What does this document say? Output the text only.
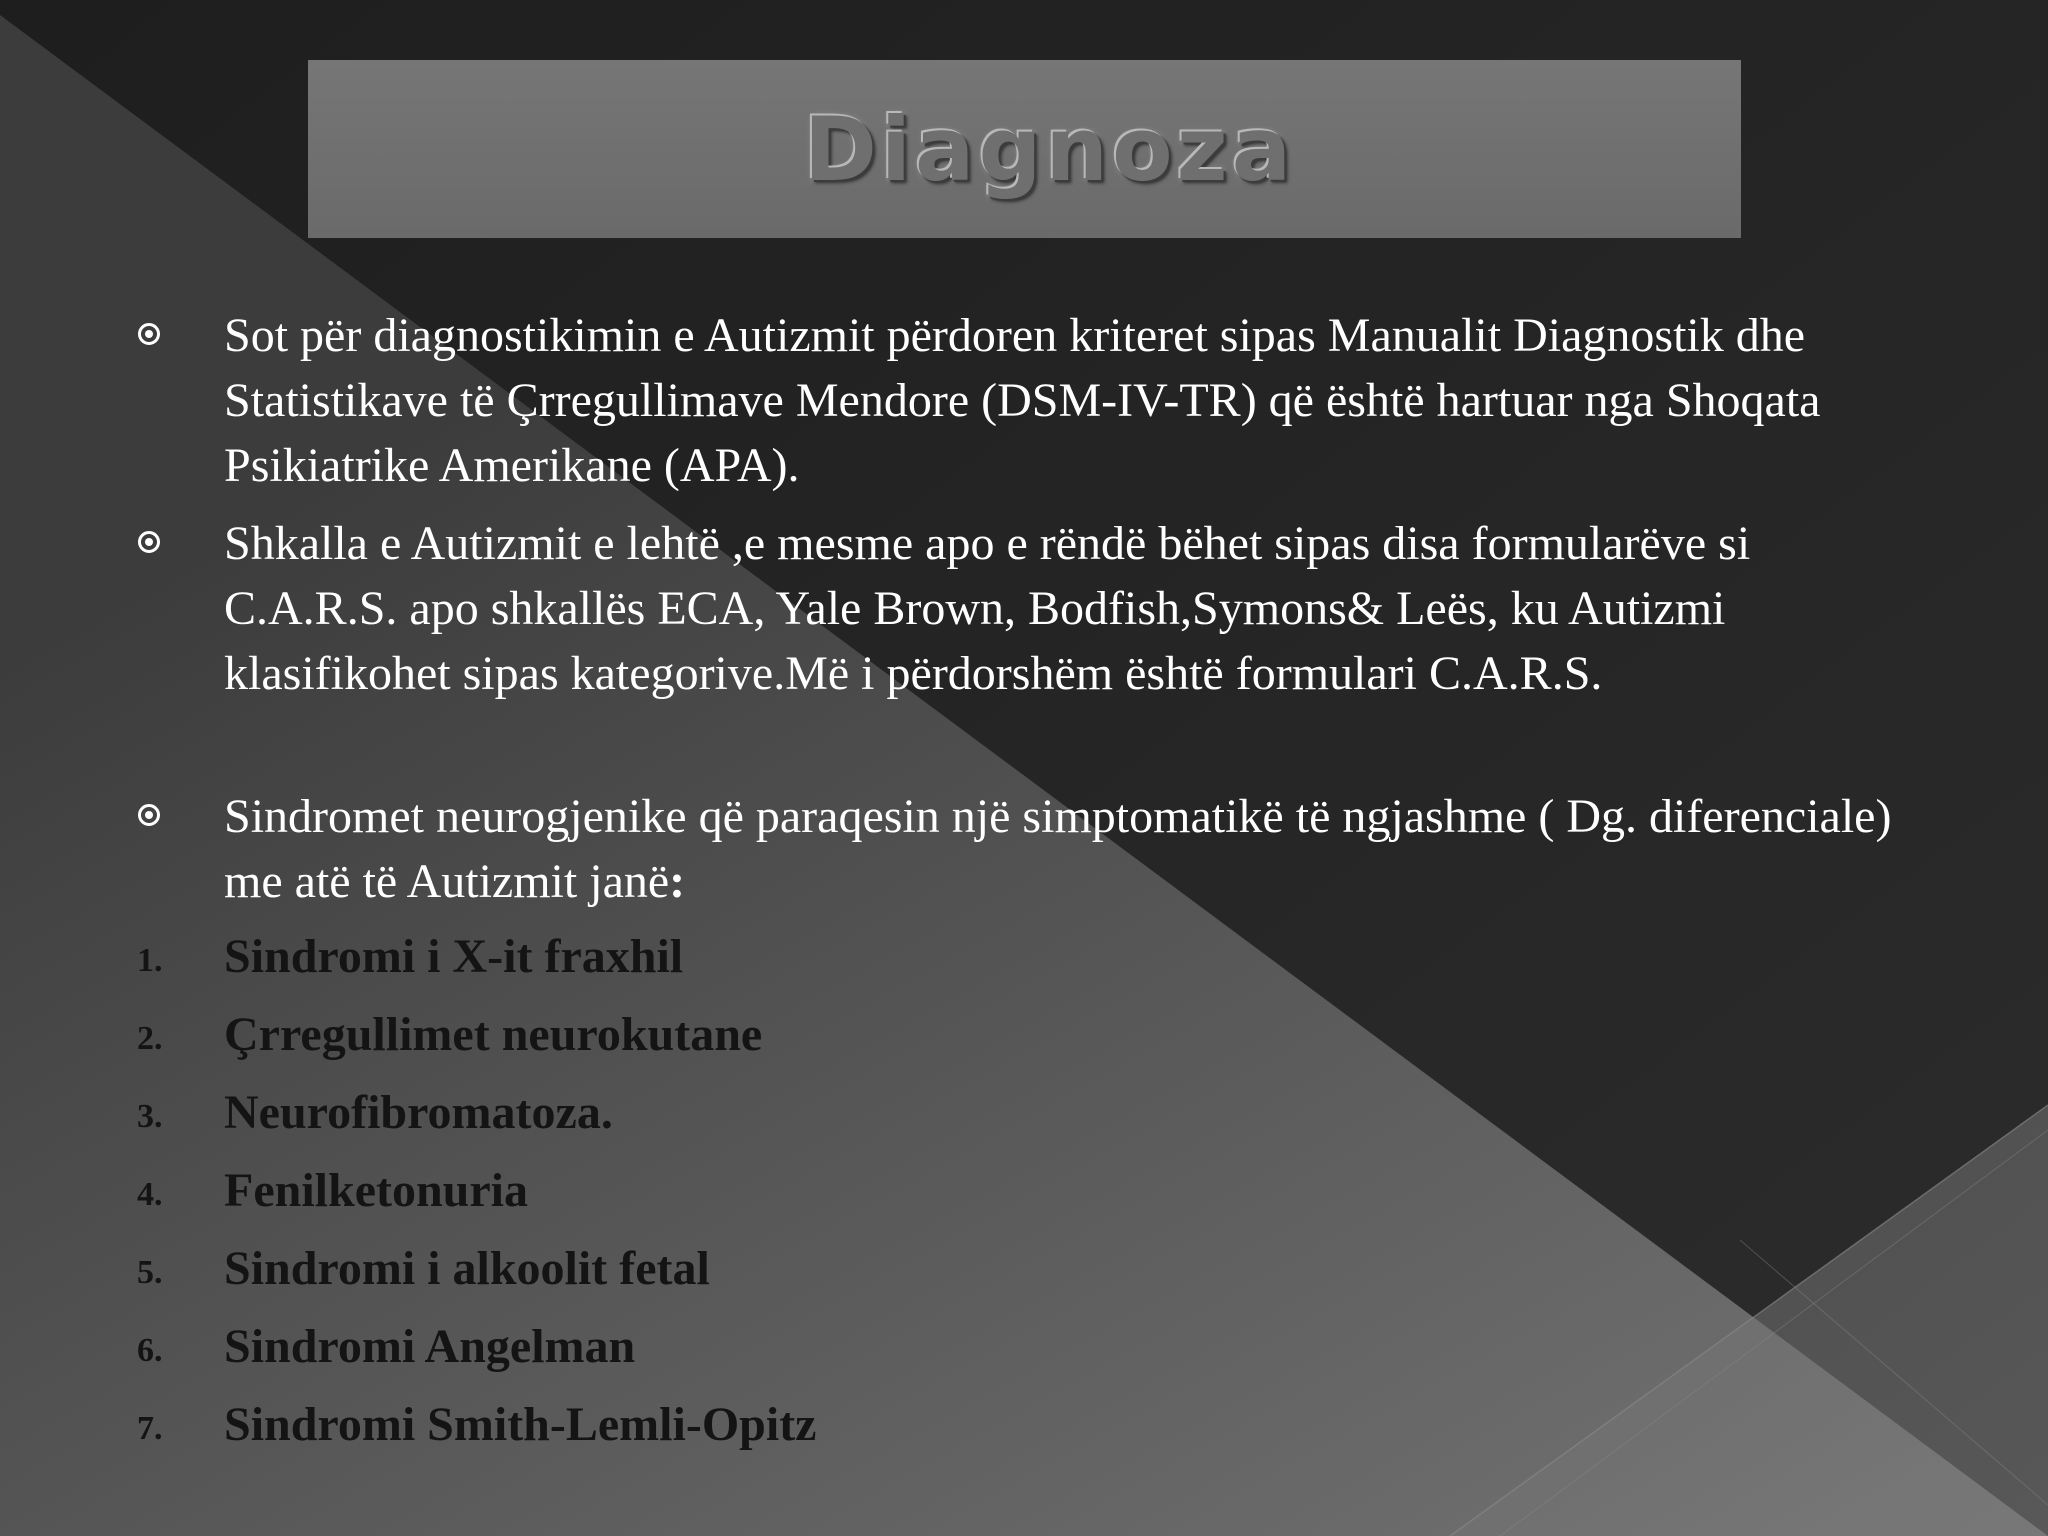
Diagnoza
Sot për diagnostikimin e Autizmit përdoren kriteret sipas Manualit Diagnostik dhe Statistikave të Çrregullimave Mendore (DSM-IV-TR) që është hartuar nga Shoqata Psikiatrike Amerikane (APA).
Shkalla e Autizmit e lehtë ,e mesme apo e rëndë bëhet sipas disa formularëve si C.A.R.S. apo shkallës ECA, Yale Brown, Bodfish,Symons& Leës, ku Autizmi klasifikohet sipas kategorive.Më i përdorshëm është formulari C.A.R.S.
Sindromet neurogjenike që paraqesin një simptomatikë të ngjashme ( Dg. diferenciale) me atë të Autizmit janë:
1. Sindromi i X-it fraxhil
2. Çrregullimet neurokutane
3. Neurofibromatoza.
4. Fenilketonuria
5. Sindromi i alkoolit fetal
6. Sindromi Angelman
7. Sindromi Smith-Lemli-Opitz
